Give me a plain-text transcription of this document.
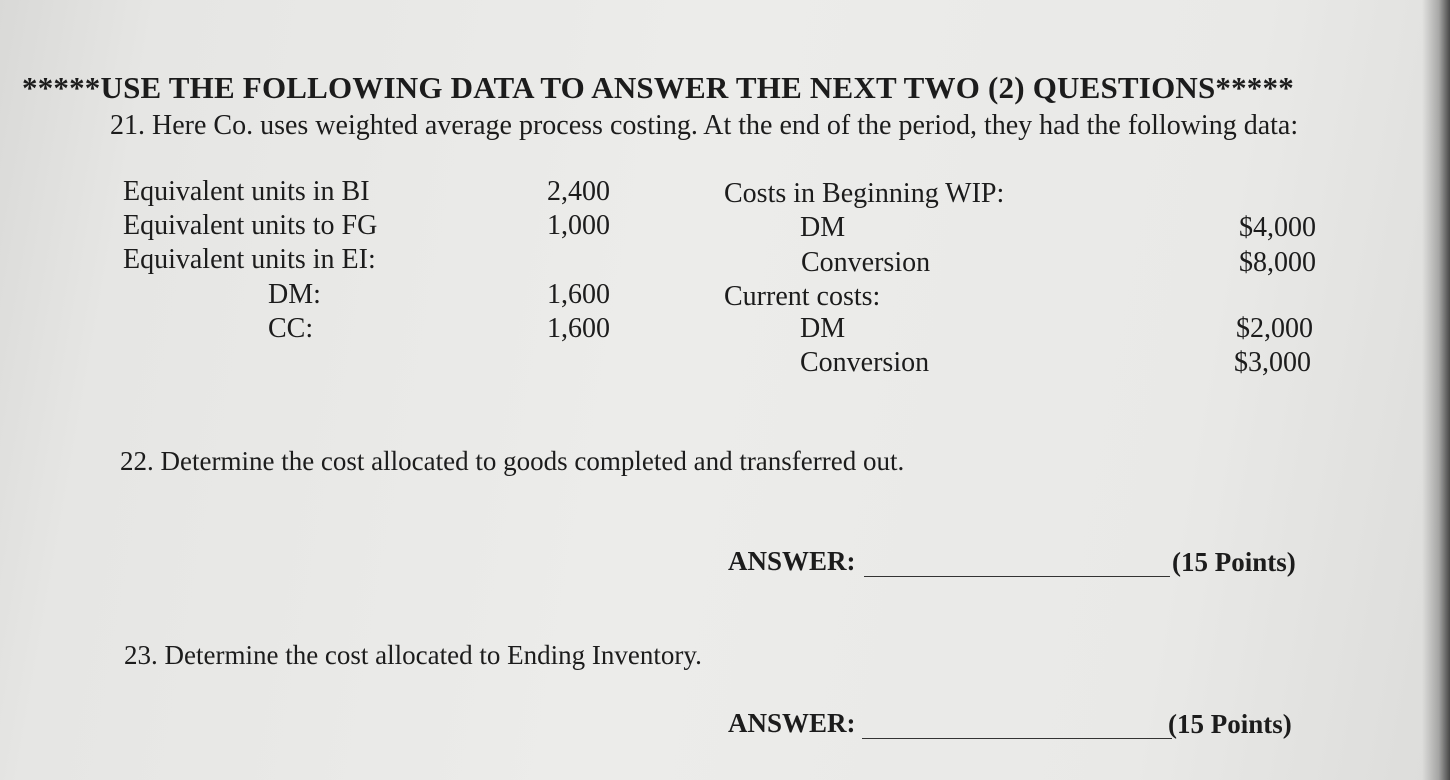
*****USE THE FOLLOWING DATA TO ANSWER THE NEXT TWO (2) QUESTIONS*****
21. Here Co. uses weighted average process costing. At the end of the period, they had the following data:
Equivalent units in BI	2,400
Equivalent units to FG	1,000
Equivalent units in EI:
DM:	1,600
CC:	1,600
Costs in Beginning WIP:
DM	$4,000
Conversion	$8,000
Current costs:
DM	$2,000
Conversion	$3,000
22. Determine the cost allocated to goods completed and transferred out.
ANSWER:	(15 Points)
23. Determine the cost allocated to Ending Inventory.
ANSWER:	(15 Points)
